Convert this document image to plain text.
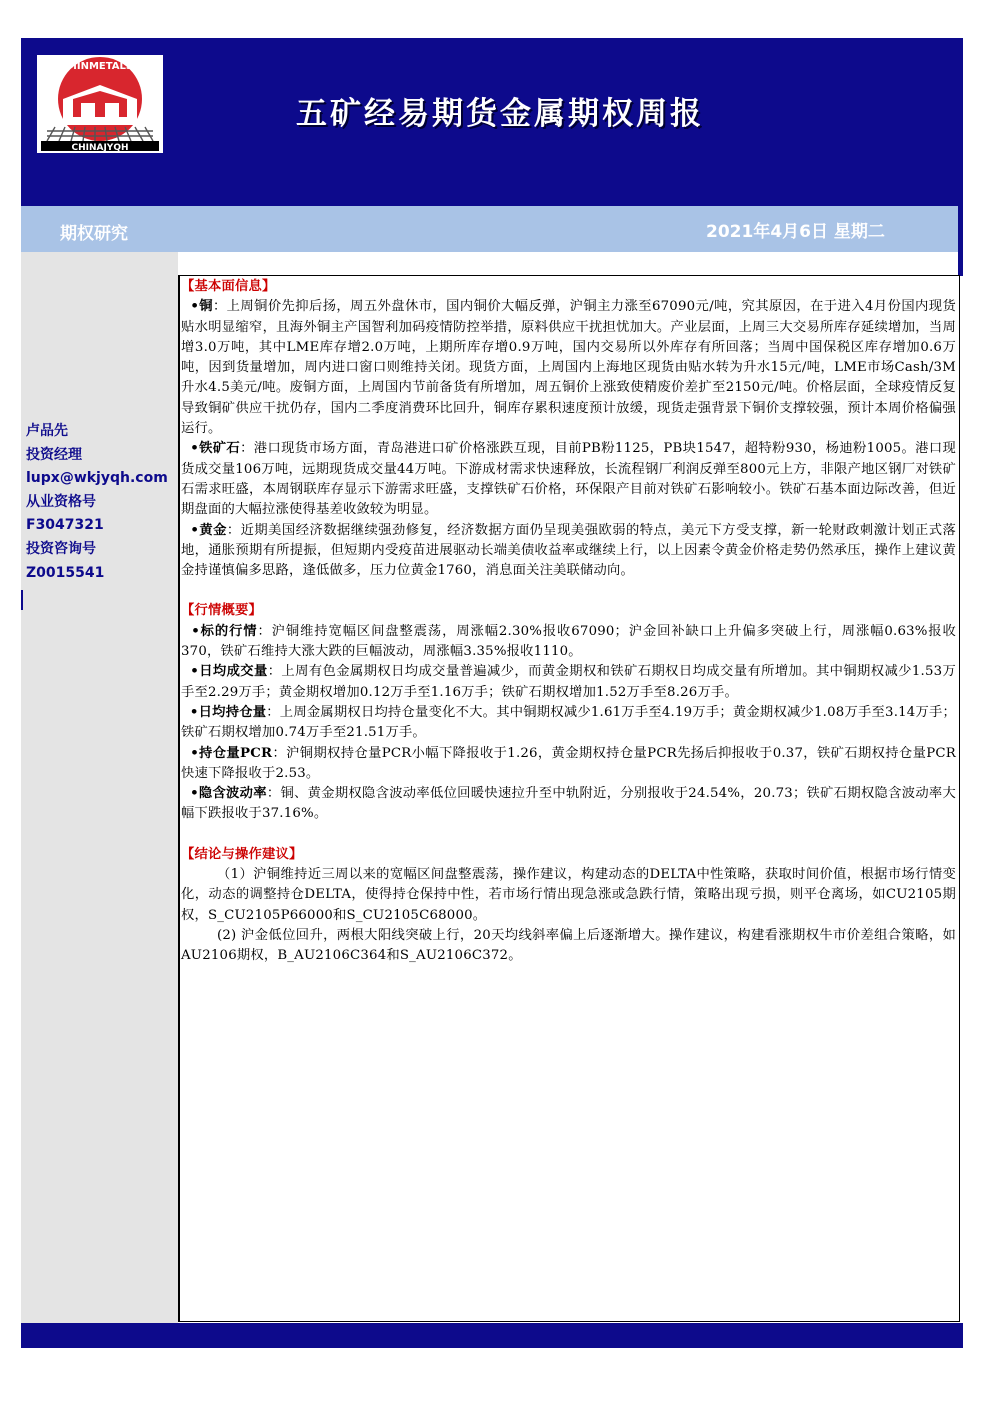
CHINAJYQH
MINMETALS
五矿经易期货金属期权周报
期权研究	2021年4月6日 星期二
卢品先
投资经理
lupx@wkjyqh.com
从业资格号
F3047321
投资咨询号
Z0015541

【基本面信息】

•铜：上周铜价先抑后扬，周五外盘休市，国内铜价大幅反弹，沪铜主力涨至67090元/吨，究其原因，在于进入4月份国内现货贴水明显缩窄，且海外铜主产国智利加码疫情防控举措，原料供应干扰担忧加大。产业层面，上周三大交易所库存延续增加，当周增3.0万吨，其中LME库存增2.0万吨，上期所库存增0.9万吨，国内交易所以外库存有所回落；当周中国保税区库存增加0.6万吨，因到货量增加，周内进口窗口则维持关闭。现货方面，上周国内上海地区现货由贴水转为升水15元/吨，LME市场Cash/3M升水4.5美元/吨。废铜方面，上周国内节前备货有所增加，周五铜价上涨致使精废价差扩至2150元/吨。价格层面，全球疫情反复导致铜矿供应干扰仍存，国内二季度消费环比回升，铜库存累积速度预计放缓，现货走强背景下铜价支撑较强，预计本周价格偏强运行。

•铁矿石：港口现货市场方面，青岛港进口矿价格涨跌互现，目前PB粉1125，PB块1547，超特粉930，杨迪粉1005。港口现货成交量106万吨，远期现货成交量44万吨。下游成材需求快速释放，长流程钢厂利润反弹至800元上方，非限产地区钢厂对铁矿石需求旺盛，本周钢联库存显示下游需求旺盛，支撑铁矿石价格，环保限产目前对铁矿石影响较小。铁矿石基本面边际改善，但近期盘面的大幅拉涨使得基差收敛较为明显。

•黄金：近期美国经济数据继续强劲修复，经济数据方面仍呈现美强欧弱的特点，美元下方受支撑，新一轮财政刺激计划正式落地，通胀预期有所提振，但短期内受疫苗进展驱动长端美债收益率或继续上行，以上因素令黄金价格走势仍然承压，操作上建议黄金持谨慎偏多思路，逢低做多，压力位黄金1760，消息面关注美联储动向。

【行情概要】

•标的行情：沪铜维持宽幅区间盘整震荡，周涨幅2.30%报收67090；沪金回补缺口上升偏多突破上行，周涨幅0.63%报收370，铁矿石维持大涨大跌的巨幅波动，周涨幅3.35%报收1110。

•日均成交量：上周有色金属期权日均成交量普遍减少，而黄金期权和铁矿石期权日均成交量有所增加。其中铜期权减少1.53万手至2.29万手；黄金期权增加0.12万手至1.16万手；铁矿石期权增加1.52万手至8.26万手。

•日均持仓量：上周金属期权日均持仓量变化不大。其中铜期权减少1.61万手至4.19万手；黄金期权减少1.08万手至3.14万手；铁矿石期权增加0.74万手至21.51万手。

•持仓量PCR：沪铜期权持仓量PCR小幅下降报收于1.26，黄金期权持仓量PCR先扬后抑报收于0.37，铁矿石期权持仓量PCR快速下降报收于2.53。

•隐含波动率：铜、黄金期权隐含波动率低位回暖快速拉升至中轨附近，分别报收于24.54%，20.73；铁矿石期权隐含波动率大幅下跌报收于37.16%。

【结论与操作建议】

（1）沪铜维持近三周以来的宽幅区间盘整震荡，操作建议，构建动态的DELTA中性策略，获取时间价值，根据市场行情变化，动态的调整持仓DELTA，使得持仓保持中性，若市场行情出现急涨或急跌行情，策略出现亏损，则平仓离场，如CU2105期权，S_CU2105P66000和S_CU2105C68000。

(2) 沪金低位回升，两根大阳线突破上行，20天均线斜率偏上后逐渐增大。操作建议，构建看涨期权牛市价差组合策略，如AU2106期权，B_AU2106C364和S_AU2106C372。
